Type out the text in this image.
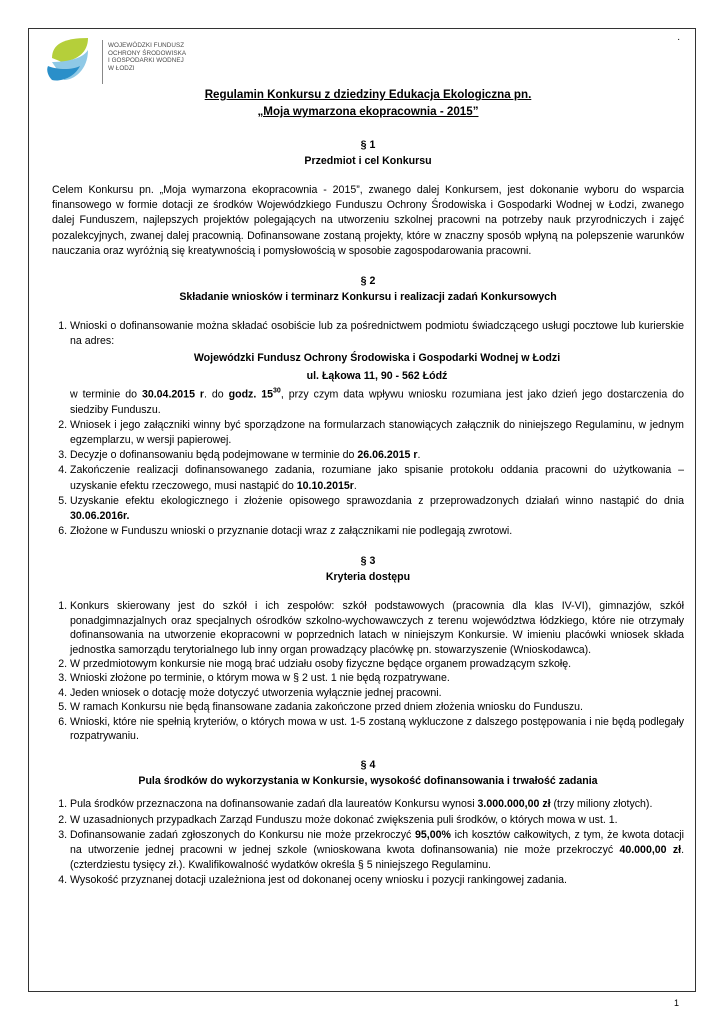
WOJEWÓDZKI FUNDUSZ
OCHRONY ŚRODOWISKA
I GOSPODARKI WODNEJ
W ŁODZI
·

Regulamin Konkursu z dziedziny Edukacja Ekologiczna pn.

„Moja wymarzona ekopracownia - 2015”

§ 1

Przedmiot i cel Konkursu

Celem Konkursu pn. „Moja wymarzona ekopracownia - 2015”, zwanego dalej Konkursem, jest dokonanie wyboru do wsparcia finansowego w formie dotacji ze środków Wojewódzkiego Funduszu Ochrony Środowiska i Gospodarki Wodnej w Łodzi, zwanego dalej Funduszem, najlepszych projektów polegających na utworzeniu szkolnej pracowni na potrzeby nauk przyrodniczych i zajęć pozalekcyjnych, zwanej dalej pracownią. Dofinansowane zostaną projekty, które w znaczny sposób wpłyną na polepszenie warunków nauczania oraz wyróżnią się kreatywnością i pomysłowością w sposobie zagospodarowania pracowni.

§ 2

Składanie wniosków i terminarz Konkursu i realizacji zadań Konkursowych

1. Wnioski o dofinansowanie można składać osobiście lub za pośrednictwem podmiotu świadczącego usługi pocztowe lub kurierskie na adres:
Wojewódzki Fundusz Ochrony Środowiska i Gospodarki Wodnej w Łodzi
ul. Łąkowa 11, 90 - 562 Łódź
w terminie do 30.04.2015 r. do godz. $15^{30}$, przy czym data wpływu wniosku rozumiana jest jako dzień jego dostarczenia do siedziby Funduszu.
2. Wniosek i jego załączniki winny być sporządzone na formularzach stanowiących załącznik do niniejszego Regulaminu, w jednym egzemplarzu, w wersji papierowej.
3. Decyzje o dofinansowaniu będą podejmowane w terminie do 26.06.2015 r.
4. Zakończenie realizacji dofinansowanego zadania, rozumiane jako spisanie protokołu oddania pracowni do użytkowania – uzyskanie efektu rzeczowego, musi nastąpić do 10.10.2015r.
5. Uzyskanie efektu ekologicznego i złożenie opisowego sprawozdania z przeprowadzonych działań winno nastąpić do dnia 30.06.2016r.
6. Złożone w Funduszu wnioski o przyznanie dotacji wraz z załącznikami nie podlegają zwrotowi.

§ 3

Kryteria dostępu

1. Konkurs skierowany jest do szkół i ich zespołów: szkół podstawowych (pracownia dla klas IV-VI), gimnazjów, szkół ponadgimnazjalnych oraz specjalnych ośrodków szkolno-wychowawczych z terenu województwa łódzkiego, które nie otrzymały dofinansowania na utworzenie ekopracowni w poprzednich latach w niniejszym Konkursie. W imieniu placówki wniosek składa jednostka samorządu terytorialnego lub inny organ prowadzący placówkę pn. stowarzyszenie (Wnioskodawca).
2. W przedmiotowym konkursie nie mogą brać udziału osoby fizyczne będące organem prowadzącym szkołę.
3. Wnioski złożone po terminie, o którym mowa w § 2 ust. 1 nie będą rozpatrywane.
4. Jeden wniosek o dotację może dotyczyć utworzenia wyłącznie jednej pracowni.
5. W ramach Konkursu nie będą finansowane zadania zakończone przed dniem złożenia wniosku do Funduszu.
6. Wnioski, które nie spełnią kryteriów, o których mowa w ust. 1-5 zostaną wykluczone z dalszego postępowania i nie będą podlegały rozpatrywaniu.

§ 4

Pula środków do wykorzystania w Konkursie, wysokość dofinansowania i trwałość zadania

1. Pula środków przeznaczona na dofinansowanie zadań dla laureatów Konkursu wynosi 3.000.000,00 zł (trzy miliony złotych).
2. W uzasadnionych przypadkach Zarząd Funduszu może dokonać zwiększenia puli środków, o których mowa w ust. 1.
3. Dofinansowanie zadań zgłoszonych do Konkursu nie może przekroczyć 95,00% ich kosztów całkowitych, z tym, że kwota dotacji na utworzenie jednej pracowni w jednej szkole (wnioskowana kwota dofinansowania) nie może przekroczyć 40.000,00 zł. (czterdziestu tysięcy zł.). Kwalifikowalność wydatków określa § 5 niniejszego Regulaminu.
4. Wysokość przyznanej dotacji uzależniona jest od dokonanej oceny wniosku i pozycji rankingowej zadania.
1
